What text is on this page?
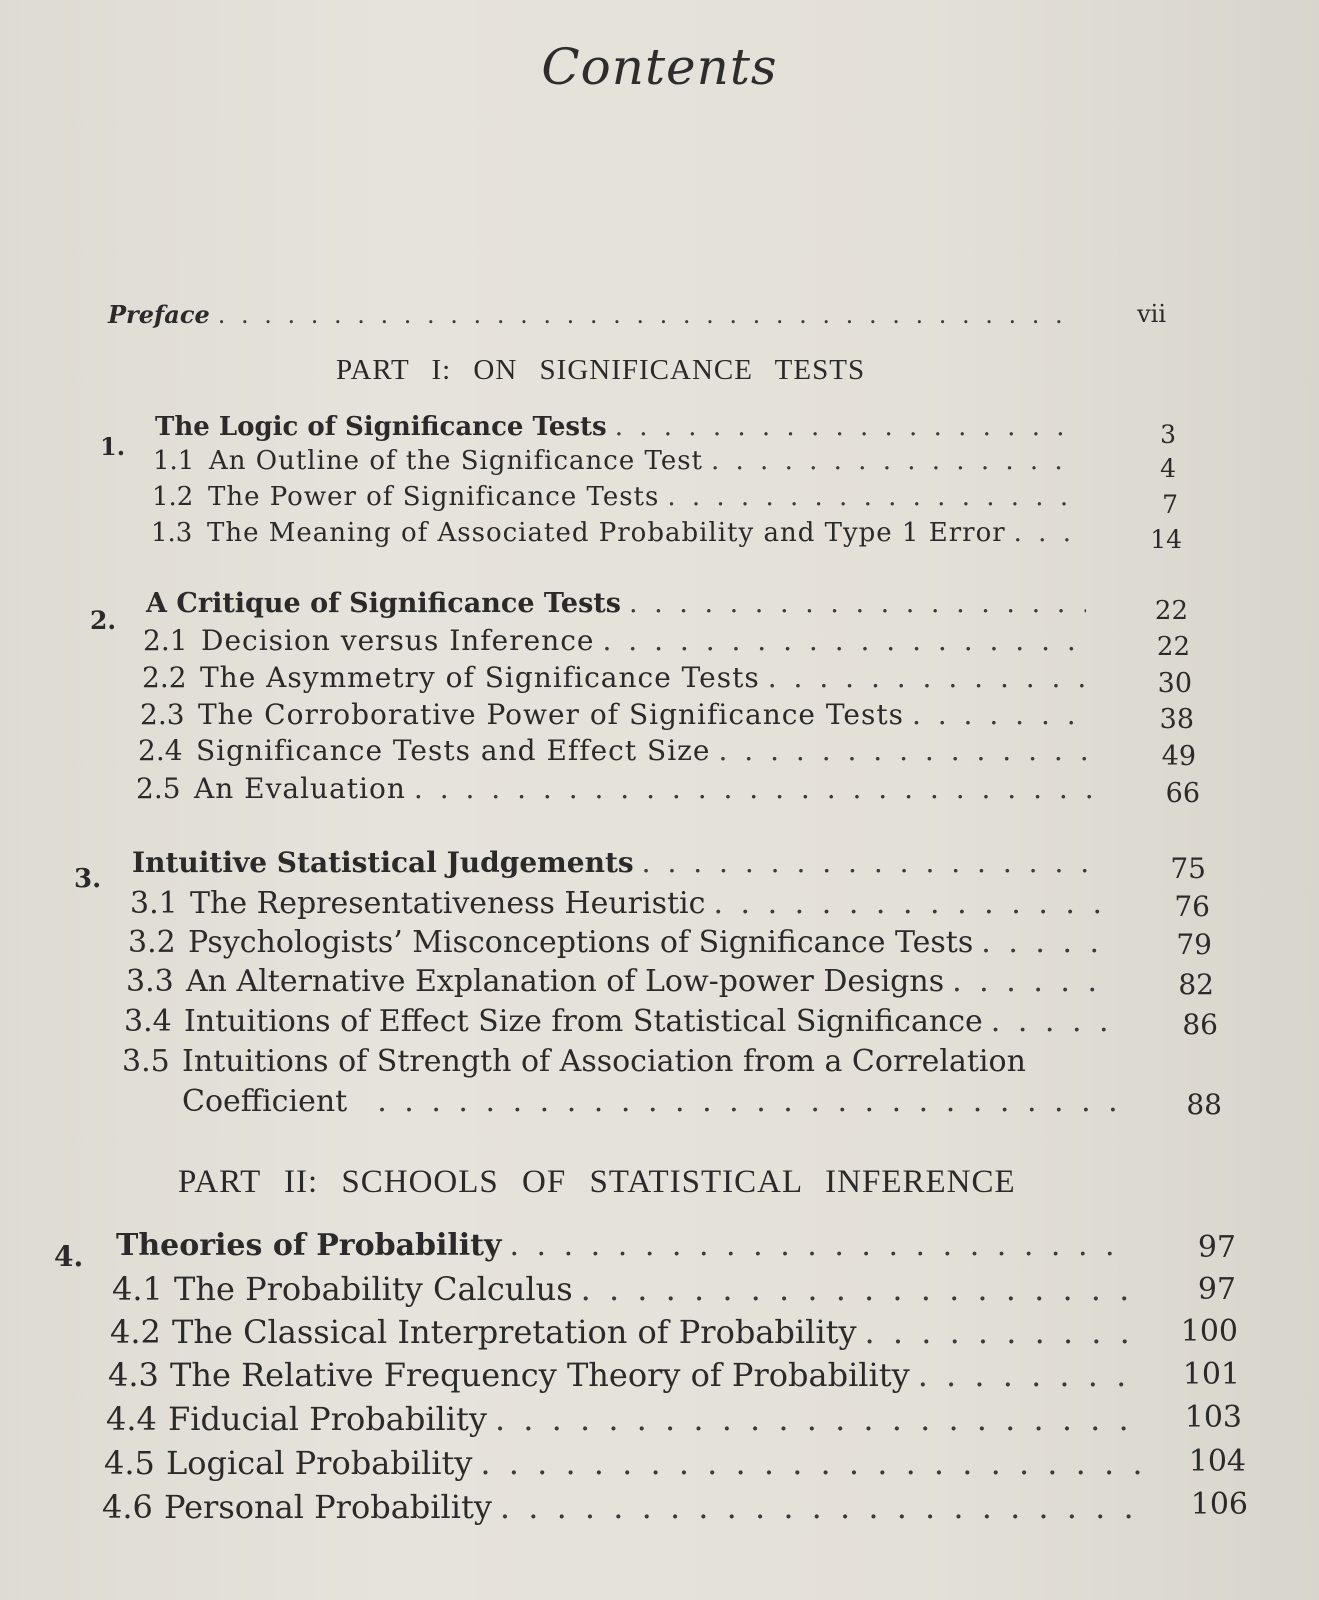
Contents
Preface . . .	vii
PART I: ON SIGNIFICANCE TESTS
1.
The Logic of Significance Tests . . .	3
1.1 An Outline of the Significance Test . . .	4
1.2 The Power of Significance Tests . . .	7
1.3 The Meaning of Associated Probability and Type 1 Error . . .	14
2.
A Critique of Significance Tests . . .	22
2.1 Decision versus Inference . . .	22
2.2 The Asymmetry of Significance Tests . . .	30
2.3 The Corroborative Power of Significance Tests . . .	38
2.4 Significance Tests and Effect Size . . .	49
2.5 An Evaluation . . .	66
3. Intuitive Statistical Judgements . . .	75
3.1 The Representativeness Heuristic . . .	76
3.2 Psychologists’ Misconceptions of Significance Tests . . .	79
3.3 An Alternative Explanation of Low-power Designs . . .	82
3.4 Intuitions of Effect Size from Statistical Significance . . .	86
3.5 Intuitions of Strength of Association from a Correlation
Coefficient . . .	88
PART II: SCHOOLS OF STATISTICAL INFERENCE
4. Theories of Probability . . .	97
4.1 The Probability Calculus . . .	97
4.2 The Classical Interpretation of Probability . . .	100
4.3 The Relative Frequency Theory of Probability . . .	101
4.4 Fiducial Probability . . .	103
4.5 Logical Probability . . .	104
4.6 Personal Probability . . .	106
